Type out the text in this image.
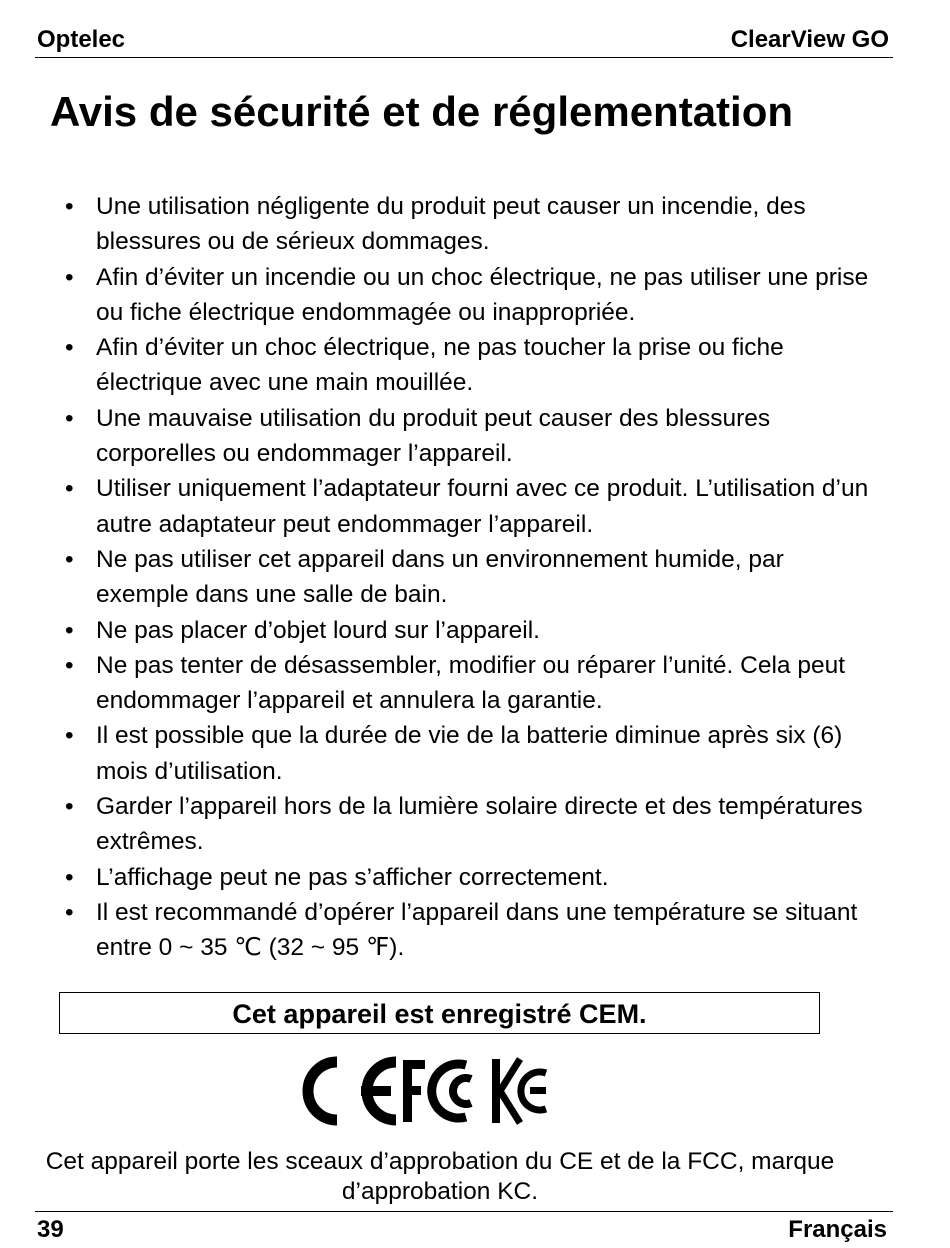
Optelec	ClearView GO
Avis de sécurité et de réglementation
• Une utilisation négligente du produit peut causer un incendie, des blessures ou de sérieux dommages.
• Afin d’éviter un incendie ou un choc électrique, ne pas utiliser une prise ou fiche électrique endommagée ou inappropriée.
• Afin d’éviter un choc électrique, ne pas toucher la prise ou fiche électrique avec une main mouillée.
• Une mauvaise utilisation du produit peut causer des blessures corporelles ou endommager l’appareil.
• Utiliser uniquement l’adaptateur fourni avec ce produit. L’utilisation d’un autre adaptateur peut endommager l’appareil.
• Ne pas utiliser cet appareil dans un environnement humide, par exemple dans une salle de bain.
• Ne pas placer d’objet lourd sur l’appareil.
• Ne pas tenter de désassembler, modifier ou réparer l’unité. Cela peut endommager l’appareil et annulera la garantie.
• Il est possible que la durée de vie de la batterie diminue après six (6) mois d’utilisation.
• Garder l’appareil hors de la lumière solaire directe et des températures extrêmes.
• L’affichage peut ne pas s’afficher correctement.
• Il est recommandé d’opérer l’appareil dans une température se situant entre 0 ~ 35 ℃ (32 ~ 95 ℉).
Cet appareil est enregistré CEM.
Cet appareil porte les sceaux d’approbation du CE et de la FCC, marque
d’approbation KC.
39	Français
